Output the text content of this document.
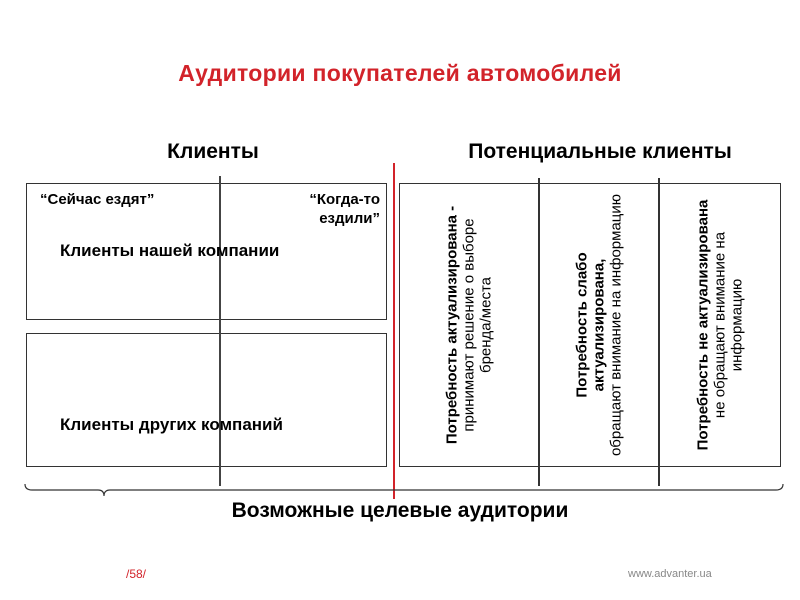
Аудитории покупателей автомобилей
Клиенты	Потенциальные клиенты
“Сейчас ездят”	“Когда-то ездили”
Клиенты нашей компании
Клиенты других компаний	Потребность актуализирована - принимают решение о выборе бренда/места	Потребность слабо актуализирована, обращают внимание на информацию	Потребность не актуализирована не обращают внимание на информацию
Возможные целевые аудитории
/58/	www.advanter.ua
